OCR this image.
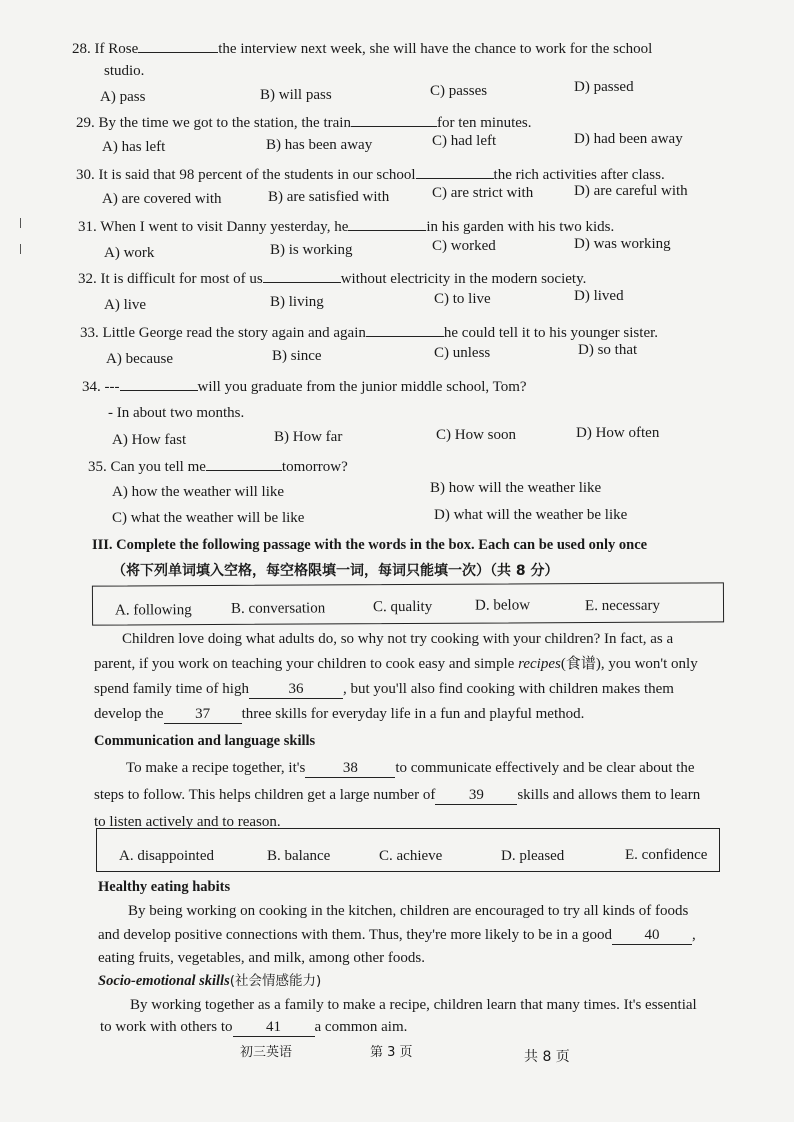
28. If Rose	the interview next week, she will have the chance to work for the school
studio.
A) pass	B) will pass	C) passes	D) passed
29. By the time we got to the station, the train	for ten minutes.
A) has left	B) has been away	C) had left	D) had been away
30. It is said that 98 percent of the students in our school	the rich activities after class.
A) are covered with	B) are satisfied with	C) are strict with	D) are careful with
31. When I went to visit Danny yesterday, he	in his garden with his two kids.
A) work	B) is working	C) worked	D) was working
32. It is difficult for most of us	without electricity in the modern society.
A) live	B) living	C) to live	D) lived
33. Little George read the story again and again	he could tell it to his younger sister.
A) because	B) since	C) unless	D) so that
34. ---	will you graduate from the junior middle school, Tom?
- In about two months.
A) How fast	B) How far	C) How soon	D) How often
35. Can you tell me	tomorrow?
A) how the weather will like	B) how will the weather like
C) what the weather will be like	D) what will the weather be like
III. Complete the following passage with the words in the box. Each can be used only once
（将下列单词填入空格，每空格限填一词，每词只能填一次）（共 8 分）
A. following	B. conversation	C. quality	D. below	E. necessary
Children love doing what adults do, so why not try cooking with your children? In fact, as a
parent, if you work on teaching your children to cook easy and simple recipes(食谱), you won't only
spend family time of high	36	, but you'll also find cooking with children makes them
develop the 37 three skills for everyday life in a fun and playful method.
Communication and language skills
To make a recipe together, it's	38	to communicate effectively and be clear about the
steps to follow. This helps children get a large number of 39 skills and allows them to learn
to listen actively and to reason.
A. disappointed	B. balance	C. achieve	D. pleased	E. confidence
Healthy eating habits
By being working on cooking in the kitchen, children are encouraged to try all kinds of foods
and develop positive connections with them. Thus, they're more likely to be in a good 40 ,
eating fruits, vegetables, and milk, among other foods.
Socio-emotional skills(社会情感能力)
By working together as a family to make a recipe, children learn that many times. It's essential
to work with others to 41 a common aim.
初三英语	第 3 页	共 8 页
